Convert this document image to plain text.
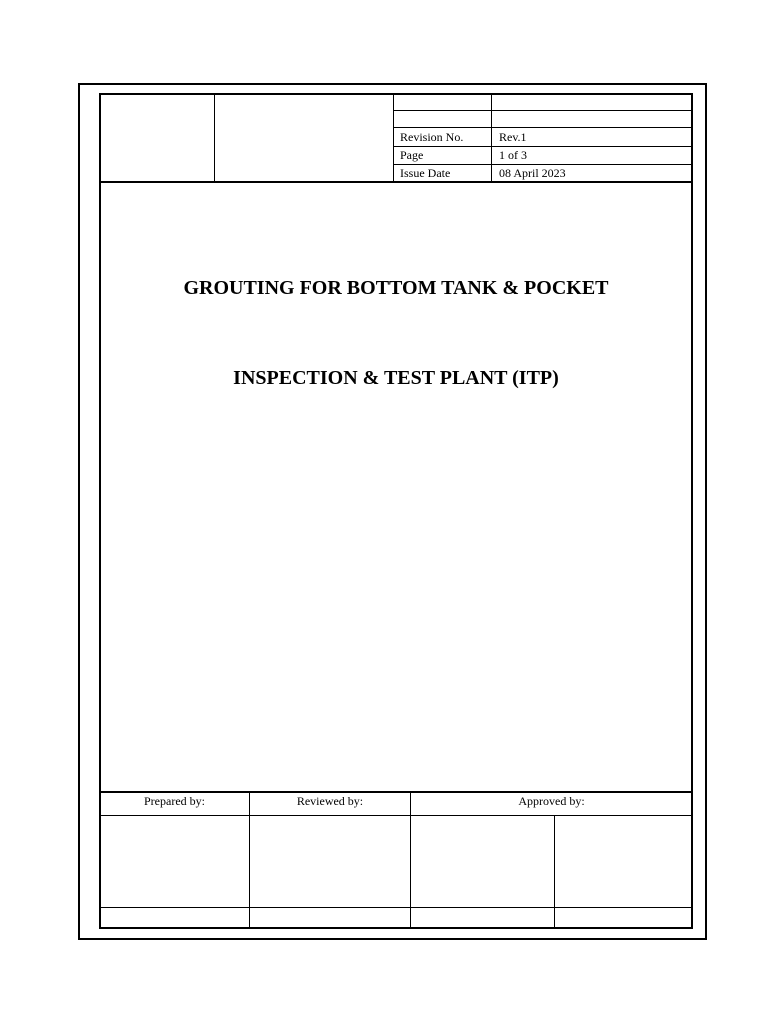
Revision No.	Rev.1
Page	1 of 3
Issue Date	08 April 2023
GROUTING FOR BOTTOM TANK & POCKET
INSPECTION & TEST PLANT (ITP)
Prepared by:	Reviewed by:	Approved by:
